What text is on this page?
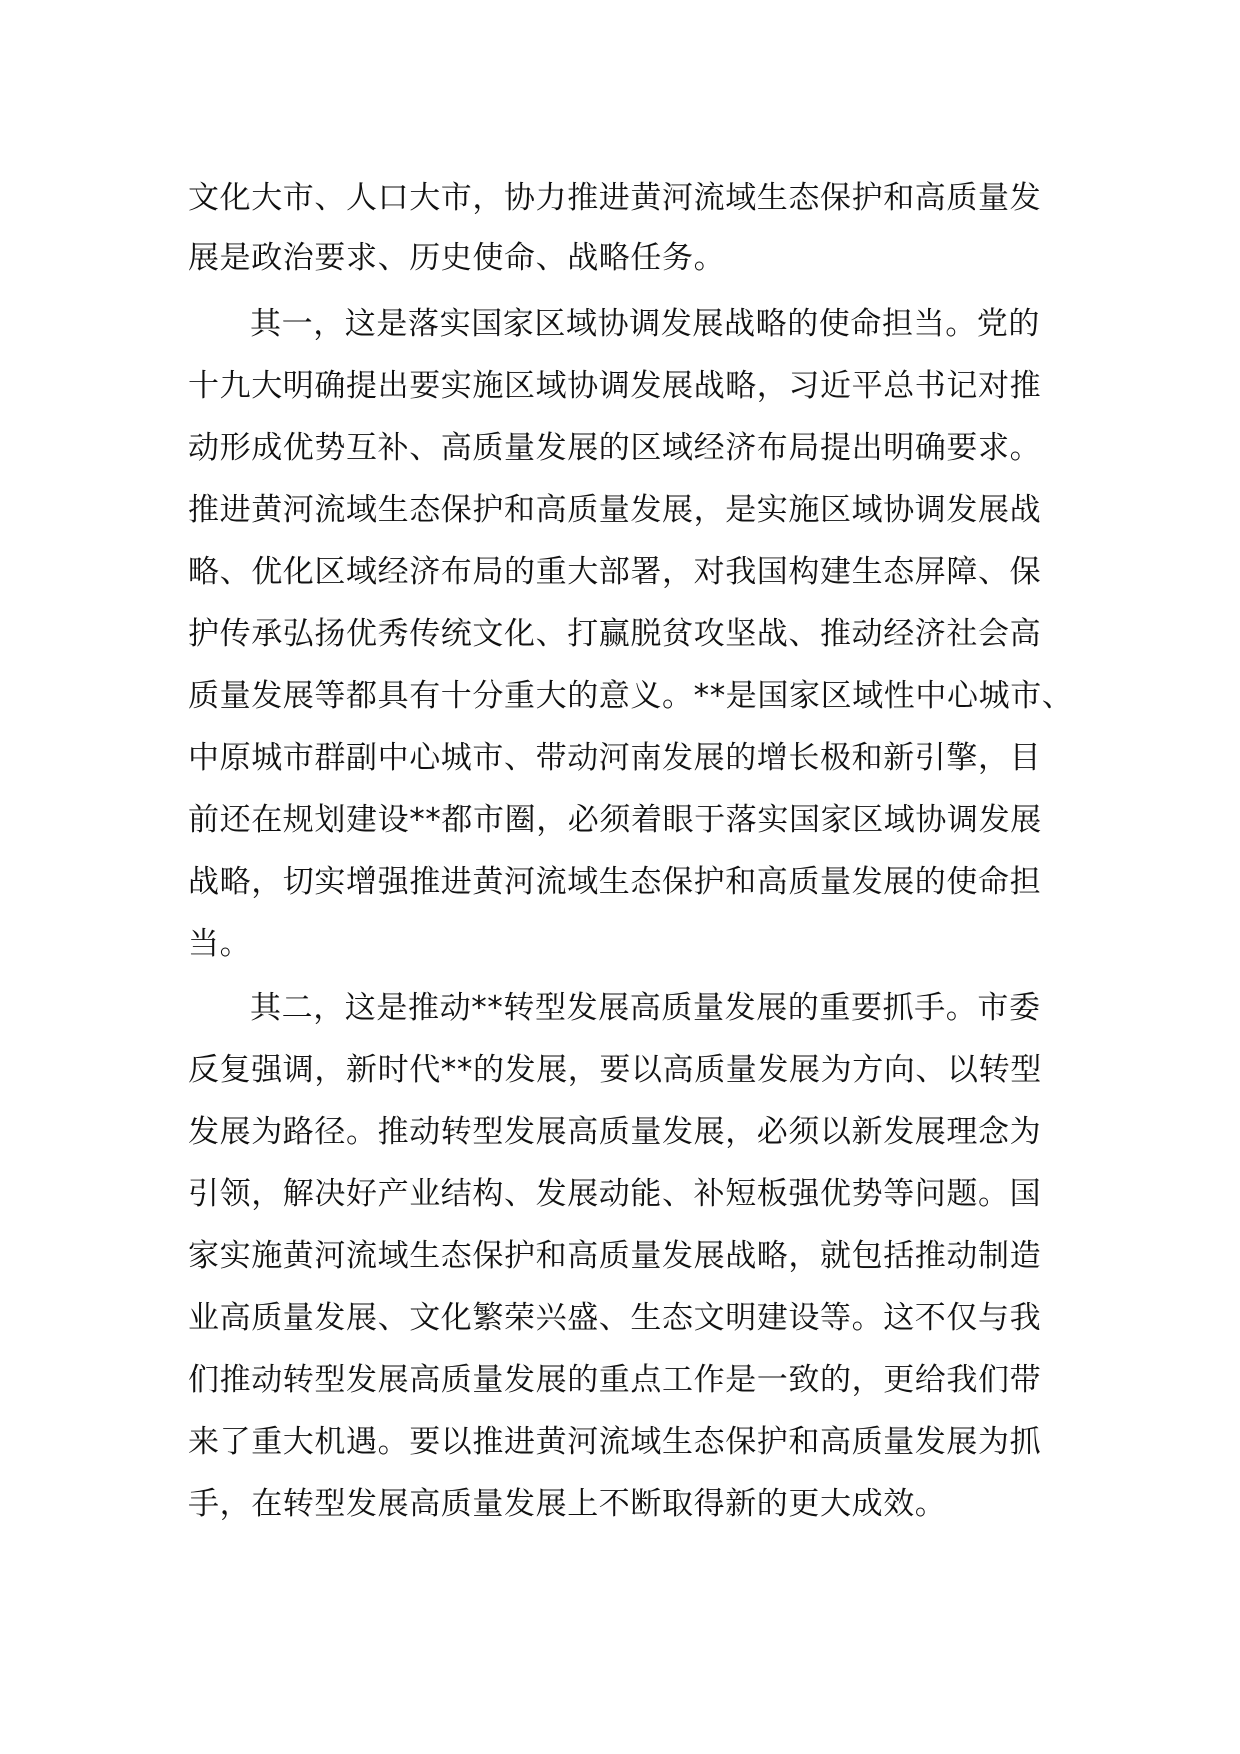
文化大市、人口大市，协力推进黄河流域生态保护和高质量发

展是政治要求、历史使命、战略任务。

其一，这是落实国家区域协调发展战略的使命担当。党的

十九大明确提出要实施区域协调发展战略，习近平总书记对推

动形成优势互补、高质量发展的区域经济布局提出明确要求。

推进黄河流域生态保护和高质量发展，是实施区域协调发展战

略、优化区域经济布局的重大部署，对我国构建生态屏障、保

护传承弘扬优秀传统文化、打赢脱贫攻坚战、推动经济社会高

质量发展等都具有十分重大的意义。**是国家区域性中心城市、

中原城市群副中心城市、带动河南发展的增长极和新引擎，目

前还在规划建设**都市圈，必须着眼于落实国家区域协调发展

战略，切实增强推进黄河流域生态保护和高质量发展的使命担

当。

其二，这是推动**转型发展高质量发展的重要抓手。市委

反复强调，新时代**的发展，要以高质量发展为方向、以转型

发展为路径。推动转型发展高质量发展，必须以新发展理念为

引领，解决好产业结构、发展动能、补短板强优势等问题。国

家实施黄河流域生态保护和高质量发展战略，就包括推动制造

业高质量发展、文化繁荣兴盛、生态文明建设等。这不仅与我

们推动转型发展高质量发展的重点工作是一致的，更给我们带

来了重大机遇。要以推进黄河流域生态保护和高质量发展为抓

手，在转型发展高质量发展上不断取得新的更大成效。
